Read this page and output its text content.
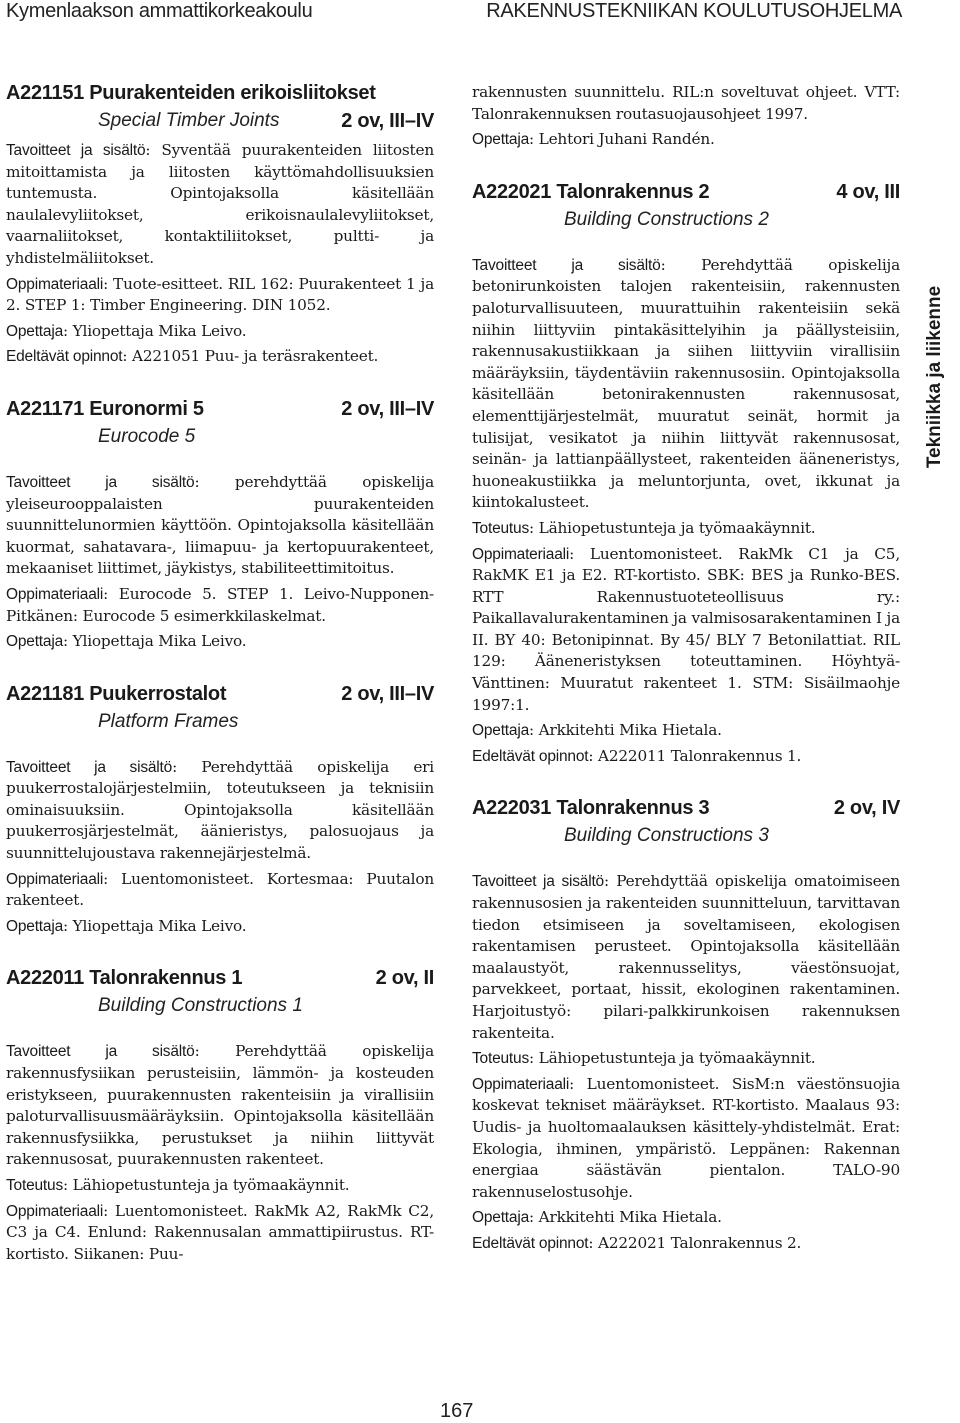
Kymenlaakson ammattikorkeakoulu	RAKENNUSTEKNIIKAN KOULUTUSOHJELMA
A221151 Puurakenteiden erikoisliitokset
Special Timber Joints	2 ov, III–IV

Tavoitteet ja sisältö: Syventää puurakenteiden liitosten mitoittamista ja liitosten käyttömahdollisuuksien tuntemusta. Opintojaksolla käsitellään naulalevyliitokset, erikoisnaulalevyliitokset, vaarnaliitokset, kontaktiliitokset, pultti- ja yhdistelmäliitokset.

Oppimateriaali: Tuote-esitteet. RIL 162: Puurakenteet 1 ja 2. STEP 1: Timber Engineering. DIN 1052.

Opettaja: Yliopettaja Mika Leivo.

Edeltävät opinnot: A221051 Puu- ja teräsrakenteet.

A221171 Euronormi 5	2 ov, III–IV
Eurocode 5

Tavoitteet ja sisältö: perehdyttää opiskelija yleiseurooppalaisten puurakenteiden suunnittelunormien käyttöön. Opintojaksolla käsitellään kuormat, sahatavara-, liimapuu- ja kertopuurakenteet, mekaaniset liittimet, jäykistys, stabiliteettimitoitus.

Oppimateriaali: Eurocode 5. STEP 1. Leivo-Nupponen-Pitkänen: Eurocode 5 esimerkkilaskelmat.

Opettaja: Yliopettaja Mika Leivo.

A221181 Puukerrostalot	2 ov, III–IV
Platform Frames

Tavoitteet ja sisältö: Perehdyttää opiskelija eri puukerrostalojärjestelmiin, toteutukseen ja teknisiin ominaisuuksiin. Opintojaksolla käsitellään puukerrosjärjestelmät, äänieristys, palosuojaus ja suunnittelujoustava rakennejärjestelmä.

Oppimateriaali: Luentomonisteet. Kortesmaa: Puutalon rakenteet.

Opettaja: Yliopettaja Mika Leivo.

A222011 Talonrakennus 1	2 ov, II
Building Constructions 1

Tavoitteet ja sisältö: Perehdyttää opiskelija rakennusfysiikan perusteisiin, lämmön- ja kosteuden eristykseen, puurakennusten rakenteisiin ja virallisiin paloturvallisuusmääräyksiin. Opintojaksolla käsitellään rakennusfysiikka, perustukset ja niihin liittyvät rakennusosat, puurakennusten rakenteet.

Toteutus: Lähiopetustunteja ja työmaakäynnit.

Oppimateriaali: Luentomonisteet. RakMk A2, RakMk C2, C3 ja C4. Enlund: Rakennusalan ammattipiirustus. RT-kortisto. Siikanen: Puu-

rakennusten suunnittelu. RIL:n soveltuvat ohjeet. VTT: Talonrakennuksen routasuojausohjeet 1997.

Opettaja: Lehtori Juhani Randén.

A222021 Talonrakennus 2	4 ov, III
Building Constructions 2

Tavoitteet ja sisältö: Perehdyttää opiskelija betonirunkoisten talojen rakenteisiin, rakennusten paloturvallisuuteen, muurattuihin rakenteisiin sekä niihin liittyviin pintakäsittelyihin ja päällysteisiin, rakennusakustiikkaan ja siihen liittyviin virallisiin määräyksiin, täydentäviin rakennusosiin. Opintojaksolla käsitellään betonirakennusten rakennusosat, elementtijärjestelmät, muuratut seinät, hormit ja tulisijat, vesikatot ja niihin liittyvät rakennusosat, seinän- ja lattianpäällysteet, rakenteiden ääneneristys, huoneakustiikka ja meluntorjunta, ovet, ikkunat ja kiintokalusteet.

Toteutus: Lähiopetustunteja ja työmaakäynnit.

Oppimateriaali: Luentomonisteet. RakMk C1 ja C5, RakMK E1 ja E2. RT-kortisto. SBK: BES ja Runko-BES. RTT Rakennustuoteteollisuus ry.: Paikallavalurakentaminen ja valmisosarakentaminen I ja II. BY 40: Betonipinnat. By 45/ BLY 7 Betonilattiat. RIL 129: Ääneneristyksen toteuttaminen. Höyhtyä-Vänttinen: Muuratut rakenteet 1. STM: Sisäilmaohje 1997:1.

Opettaja: Arkkitehti Mika Hietala.

Edeltävät opinnot: A222011 Talonrakennus 1.

A222031 Talonrakennus 3	2 ov, IV
Building Constructions 3

Tavoitteet ja sisältö: Perehdyttää opiskelija omatoimiseen rakennusosien ja rakenteiden suunnitteluun, tarvittavan tiedon etsimiseen ja soveltamiseen, ekologisen rakentamisen perusteet. Opintojaksolla käsitellään maalaustyöt, rakennusselitys, väestönsuojat, parvekkeet, portaat, hissit, ekologinen rakentaminen. Harjoitustyö: pilari-palkkirunkoisen rakennuksen rakenteita.

Toteutus: Lähiopetustunteja ja työmaakäynnit.

Oppimateriaali: Luentomonisteet. SisM:n väestönsuojia koskevat tekniset määräykset. RT-kortisto. Maalaus 93: Uudis- ja huoltomaalauksen käsittely-yhdistelmät. Erat: Ekologia, ihminen, ympäristö. Leppänen: Rakennan energiaa säästävän pientalon. TALO-90 rakennuselostusohje.

Opettaja: Arkkitehti Mika Hietala.

Edeltävät opinnot: A222021 Talonrakennus 2.

Tekniikka ja liikenne
167
